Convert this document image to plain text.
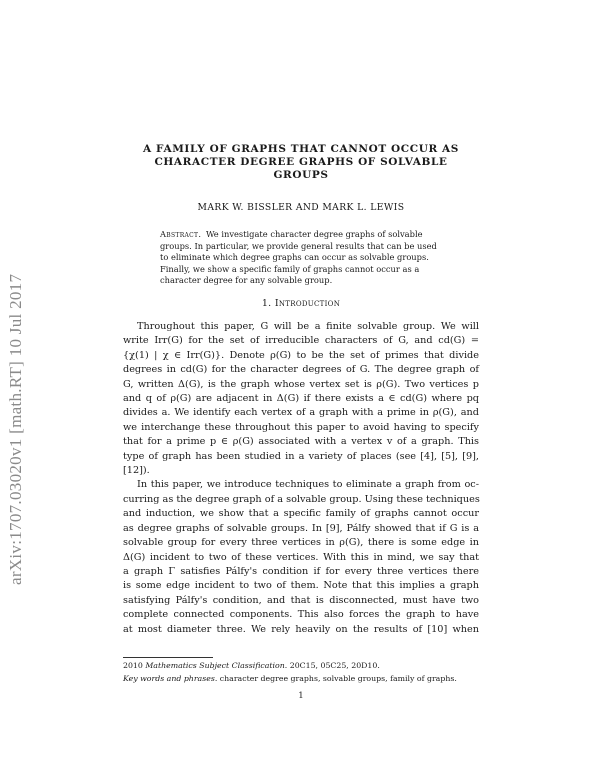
arXiv:1707.03020v1 [math.RT] 10 Jul 2017
A FAMILY OF GRAPHS THAT CANNOT OCCUR AS
CHARACTER DEGREE GRAPHS OF SOLVABLE
GROUPS
MARK W. BISSLER AND MARK L. LEWIS
Abstract. We investigate character degree graphs of solvable
groups. In particular, we provide general results that can be used
to eliminate which degree graphs can occur as solvable groups.
Finally, we show a specific family of graphs cannot occur as a
character degree for any solvable group.
1. Introduction
Throughout this paper, G will be a finite solvable group. We will
write Irr(G) for the set of irreducible characters of G, and cd(G) =
{χ(1) | χ ∈ Irr(G)}. Denote ρ(G) to be the set of primes that divide
degrees in cd(G) for the character degrees of G. The degree graph of
G, written Δ(G), is the graph whose vertex set is ρ(G). Two vertices p
and q of ρ(G) are adjacent in Δ(G) if there exists a ∈ cd(G) where pq
divides a. We identify each vertex of a graph with a prime in ρ(G), and
we interchange these throughout this paper to avoid having to specify
that for a prime p ∈ ρ(G) associated with a vertex v of a graph. This
type of graph has been studied in a variety of places (see [4], [5], [9],
[12]).
In this paper, we introduce techniques to eliminate a graph from oc-
curring as the degree graph of a solvable group. Using these techniques
and induction, we show that a specific family of graphs cannot occur
as degree graphs of solvable groups. In [9], Pálfy showed that if G is a
solvable group for every three vertices in ρ(G), there is some edge in
Δ(G) incident to two of these vertices. With this in mind, we say that
a graph Γ satisfies Pálfy's condition if for every three vertices there
is some edge incident to two of them. Note that this implies a graph
satisfying Pálfy's condition, and that is disconnected, must have two
complete connected components. This also forces the graph to have
at most diameter three. We rely heavily on the results of [10] when
2010 Mathematics Subject Classification. 20C15, 05C25, 20D10.
Key words and phrases. character degree graphs, solvable groups, family of graphs.
1
